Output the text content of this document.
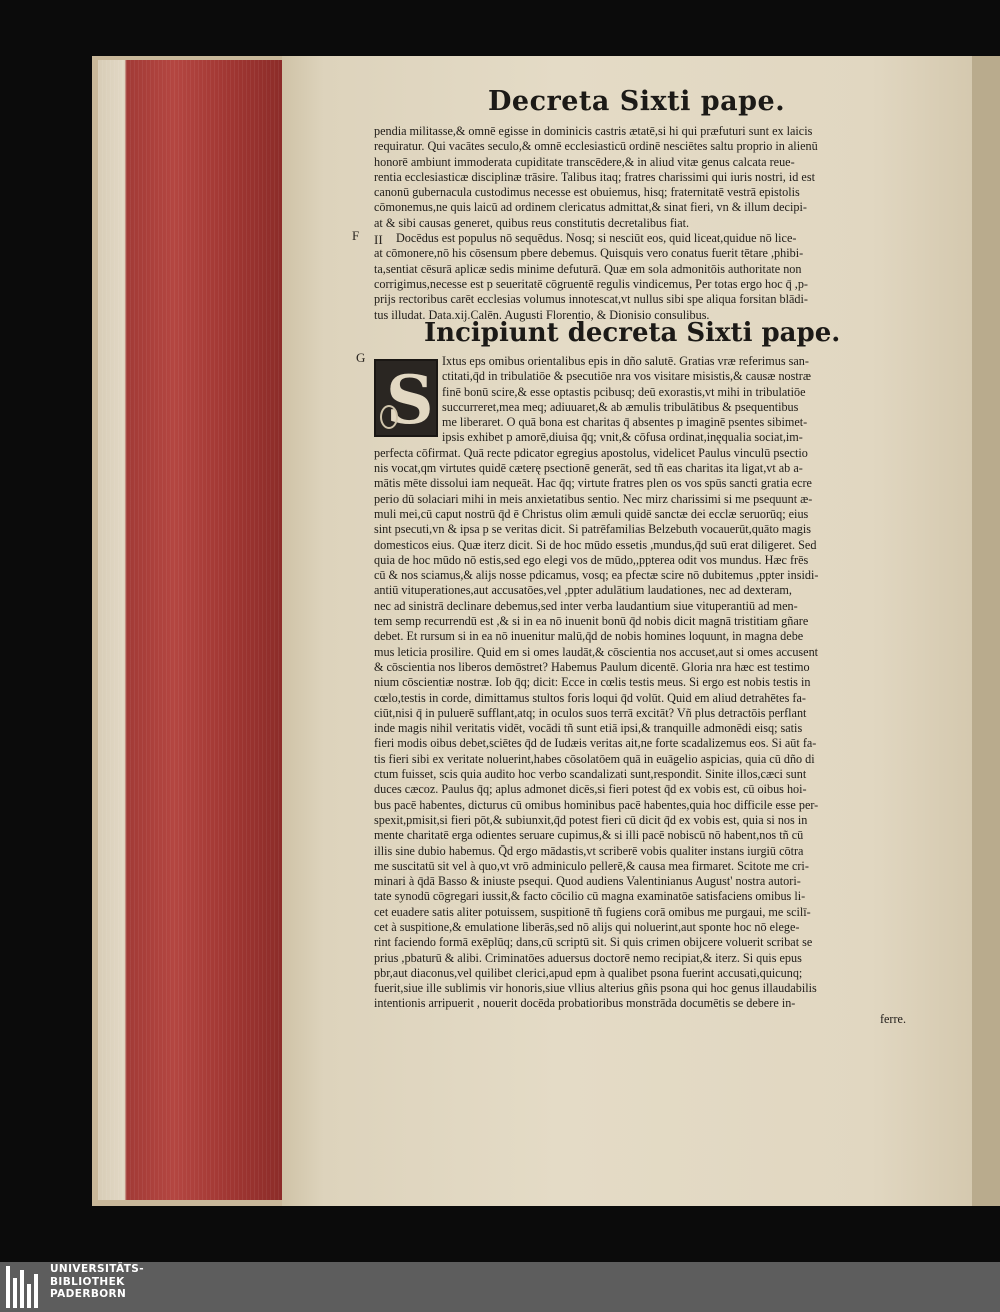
Decreta Sixti pape.
F II
G
pendia militasse,& omnē egisse in dominicis castris ætatē,si hi qui præfuturi sunt ex laicis
requiratur. Qui vacātes seculo,& omnē ecclesiasticū ordinē nesciētes saltu proprio in alienū
honorē ambiunt immoderata cupiditate transcēdere,& in aliud vitæ genus calcata reue-
rentia ecclesiasticæ disciplinæ trāsire. Talibus itaq; fratres charissimi qui iuris nostri, id est
canonū gubernacula custodimus necesse est obuiemus, hisq; fraternitatē vestrā epistolis
cōmonemus,ne quis laicū ad ordinem clericatus admittat,& sinat fieri, vn & illum decipi-
at & sibi causas generet, quibus reus constitutis decretalibus fiat.
Docēdus est populus nō sequēdus. Nosq; si nesciūt eos, quid liceat,quidue nō lice-
at cōmonere,nō his cōsensum pbere debemus. Quisquis vero conatus fuerit tētare ,phibi-
ta,sentiat cēsurā aplicæ sedis minime defuturā. Quæ em sola admonitōis authoritate non
corrigimus,necesse est p seueritatē cōgruentē regulis vindicemus, Per totas ergo hoc q̄ ,p-
prijs rectoribus carēt ecclesias volumus innotescat,vt nullus sibi spe aliqua forsitan blādi-
tus illudat. Data.xij.Calēn. Augusti Florentio, & Dionisio consulibus.
Incipiunt decreta Sixti pape.
S Ixtus eps omibus orientalibus epis in dño salutē. Gratias vræ referimus san-
ctitati,q̄d in tribulatiōe & psecutiōe nra vos visitare misistis,& causæ nostræ
finē bonū scire,& esse optastis pcibusq; deū exorastis,vt mihi in tribulatiōe
succurreret,mea meq; adiuuaret,& ab æmulis tribulātibus & psequentibus
me liberaret. O quā bona est charitas q̄ absentes p imaginē psentes sibimet-
ipsis exhibet p amorē,diuisa q̄q; vnit,& cōfusa ordinat,inęqualia sociat,im-
perfecta cōfirmat. Quā recte pdicator egregius apostolus, videlicet Paulus vinculū psectio
nis vocat,qm virtutes quidē cæterę psectionē generāt, sed tñ eas charitas ita ligat,vt ab a-
mātis mēte dissolui iam nequeāt. Hac q̄q; virtute fratres plen os vos spūs sancti gratia ecre
perio dū solaciari mihi in meis anxietatibus sentio. Nec mirz charissimi si me psequunt æ-
muli mei,cū caput nostrū q̄d ē Christus olim æmuli quidē sanctæ dei ecclæ seruorūq; eius
sint psecuti,vn & ipsa p se veritas dicit. Si patrēfamilias Belzebuth vocauerūt,quāto magis
domesticos eius. Quæ iterz dicit. Si de hoc mūdo essetis ,mundus,q̄d suū erat diligeret. Sed
quia de hoc mūdo nō estis,sed ego elegi vos de mūdo,,ppterea odit vos mundus. Hæc frēs
cū & nos sciamus,& alijs nosse pdicamus, vosq; ea pfectæ scire nō dubitemus ,ppter insidi-
antiū vituperationes,aut accusatōes,vel ,ppter adulātium laudationes, nec ad dexteram,
nec ad sinistrā declinare debemus,sed inter verba laudantium siue vituperantiū ad men-
tem semp recurrendū est ,& si in ea nō inuenit bonū q̄d nobis dicit magnā tristitiam gñare
debet. Et rursum si in ea nō inuenitur malū,q̄d de nobis homines loquunt, in magna debe
mus leticia prosilire. Quid em si omes laudāt,& cōscientia nos accuset,aut si omes accusent
& cōscientia nos liberos demōstret? Habemus Paulum dicentē. Gloria nra hæc est testimo
nium cōscientiæ nostræ. Iob q̄q; dicit: Ecce in cœlis testis meus. Si ergo est nobis testis in
cœlo,testis in corde, dimittamus stultos foris loqui q̄d volūt. Quid em aliud detrahētes fa-
ciūt,nisi q̄ in puluerē sufflant,atq; in oculos suos terrā excitāt? Vñ plus detractōis perflant
inde magis nihil veritatis vidēt, vocādi tñ sunt etiā ipsi,& tranquille admonēdi eisq; satis
fieri modis oibus debet,sciētes q̄d de Iudæis veritas ait,ne forte scadalizemus eos. Si aūt fa-
tis fieri sibi ex veritate noluerint,habes cōsolatōem quā in euāgelio aspicias, quia cū dño di
ctum fuisset, scis quia audito hoc verbo scandalizati sunt,respondit. Sinite illos,cæci sunt
duces cæcoz. Paulus q̄q; aplus admonet dicēs,si fieri potest q̄d ex vobis est, cū oibus hoi-
bus pacē habentes, dicturus cū omibus hominibus pacē habentes,quia hoc difficile esse per-
spexit,pmisit,si fieri pōt,& subiunxit,q̄d potest fieri cū dicit q̄d ex vobis est, quia si nos in
mente charitatē erga odientes seruare cupimus,& si illi pacē nobiscū nō habent,nos tñ cū
illis sine dubio habemus. Q̄d ergo mādastis,vt scriberē vobis qualiter instans iurgiū cōtra
me suscitatū sit vel à quo,vt vrō adminiculo pellerē,& causa mea firmaret. Scitote me cri-
minari à q̄dā Basso & iniuste psequi. Quod audiens Valentinianus August' nostra autori-
tate synodū cōgregari iussit,& facto cōcilio cū magna examinatōe satisfaciens omibus li-
cet euadere satis aliter potuissem, suspitionē tñ fugiens corā omibus me purgaui, me scilī-
cet à suspitione,& emulatione liberās,sed nō alijs qui noluerint,aut sponte hoc nō elege-
rint faciendo formā exēplūq; dans,cū scriptū sit. Si quis crimen obijcere voluerit scribat se
prius ,pbaturū & alibi. Criminatōes aduersus doctorē nemo recipiat,& iterz. Si quis epus
pbr,aut diaconus,vel quilibet clerici,apud epm à qualibet psona fuerint accusati,quicunq;
fuerit,siue ille sublimis vir honoris,siue vllius alterius gñis psona qui hoc genus illaudabilis
intentionis arripuerit , nouerit docēda probatioribus monstrāda documētis se debere in-
ferre.
UNIVERSITÄTS-
BIBLIOTHEK
PADERBORN
